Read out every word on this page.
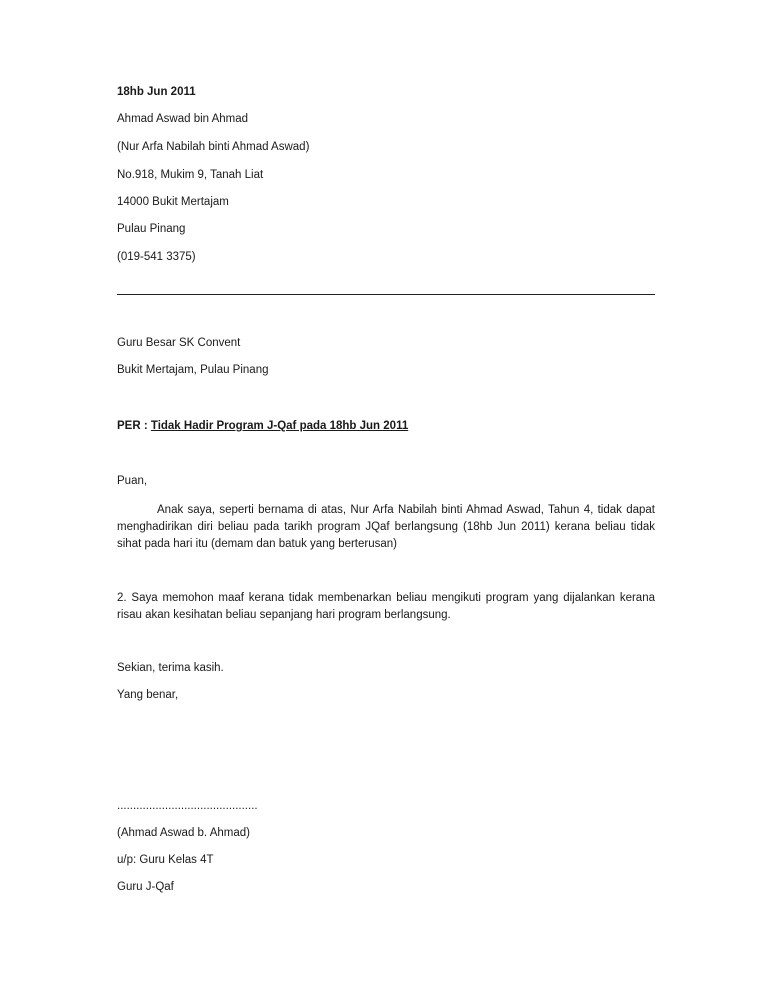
18hb Jun 2011
Ahmad Aswad bin Ahmad
(Nur Arfa Nabilah binti Ahmad Aswad)
No.918, Mukim 9, Tanah Liat
14000 Bukit Mertajam
Pulau Pinang
(019-541 3375)
Guru Besar SK Convent
Bukit Mertajam, Pulau Pinang
PER : Tidak Hadir Program J-Qaf pada 18hb Jun 2011
Puan,
Anak saya, seperti bernama di atas, Nur Arfa Nabilah binti Ahmad Aswad, Tahun 4, tidak dapat menghadirikan diri beliau pada tarikh program JQaf berlangsung (18hb Jun 2011) kerana beliau tidak sihat pada hari itu (demam dan batuk yang berterusan)
2. Saya memohon maaf kerana tidak membenarkan beliau mengikuti program yang dijalankan kerana risau akan kesihatan beliau sepanjang hari program berlangsung.
Sekian, terima kasih.
Yang benar,
............................................
(Ahmad Aswad b. Ahmad)
u/p: Guru Kelas 4T
Guru J-Qaf
